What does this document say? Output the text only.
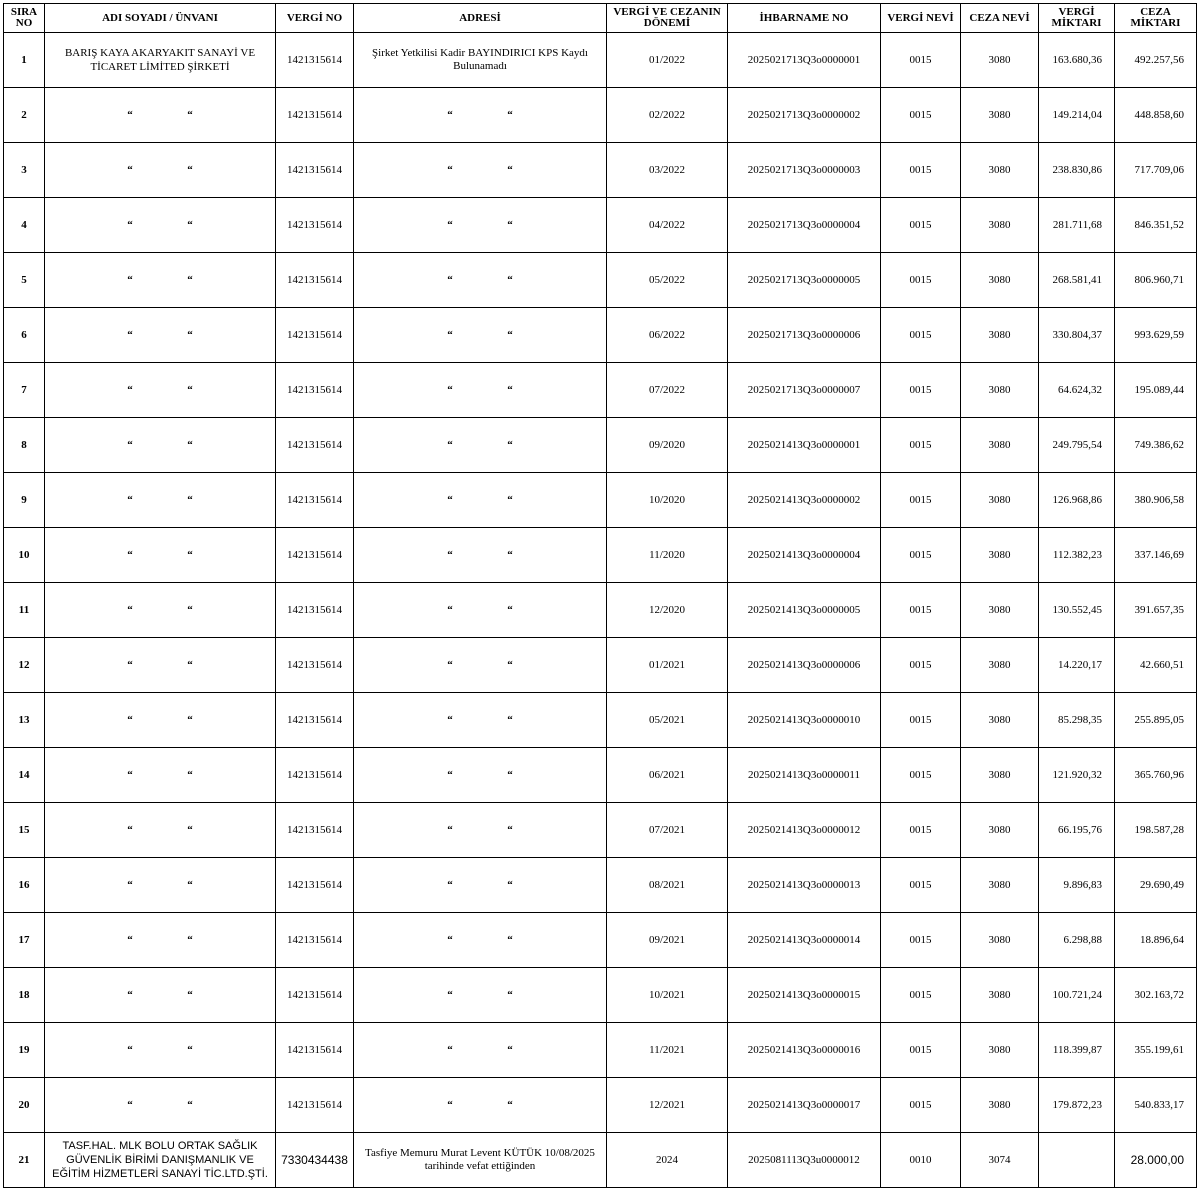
SIRA NO	ADI SOYADI / ÜNVANI	VERGİ NO	ADRESİ	VERGİ VE CEZANIN DÖNEMİ	İHBARNAME NO	VERGİ NEVİ	CEZA NEVİ	VERGİ MİKTARI	CEZA MİKTARI
1	BARIŞ KAYA AKARYAKIT SANAYİ VE TİCARET LİMİTED ŞİRKETİ	1421315614	Şirket Yetkilisi Kadir BAYINDIRICI KPS Kaydı Bulunamadı	01/2022	2025021713Q3o0000001	0015	3080	163.680,36	492.257,56
2	“ “	1421315614	“ “	02/2022	2025021713Q3o0000002	0015	3080	149.214,04	448.858,60
3	“ “	1421315614	“ “	03/2022	2025021713Q3o0000003	0015	3080	238.830,86	717.709,06
4	“ “	1421315614	“ “	04/2022	2025021713Q3o0000004	0015	3080	281.711,68	846.351,52
5	“ “	1421315614	“ “	05/2022	2025021713Q3o0000005	0015	3080	268.581,41	806.960,71
6	“ “	1421315614	“ “	06/2022	2025021713Q3o0000006	0015	3080	330.804,37	993.629,59
7	“ “	1421315614	“ “	07/2022	2025021713Q3o0000007	0015	3080	64.624,32	195.089,44
8	“ “	1421315614	“ “	09/2020	2025021413Q3o0000001	0015	3080	249.795,54	749.386,62
9	“ “	1421315614	“ “	10/2020	2025021413Q3o0000002	0015	3080	126.968,86	380.906,58
10	“ “	1421315614	“ “	11/2020	2025021413Q3o0000004	0015	3080	112.382,23	337.146,69
11	“ “	1421315614	“ “	12/2020	2025021413Q3o0000005	0015	3080	130.552,45	391.657,35
12	“ “	1421315614	“ “	01/2021	2025021413Q3o0000006	0015	3080	14.220,17	42.660,51
13	“ “	1421315614	“ “	05/2021	2025021413Q3o0000010	0015	3080	85.298,35	255.895,05
14	“ “	1421315614	“ “	06/2021	2025021413Q3o0000011	0015	3080	121.920,32	365.760,96
15	“ “	1421315614	“ “	07/2021	2025021413Q3o0000012	0015	3080	66.195,76	198.587,28
16	“ “	1421315614	“ “	08/2021	2025021413Q3o0000013	0015	3080	9.896,83	29.690,49
17	“ “	1421315614	“ “	09/2021	2025021413Q3o0000014	0015	3080	6.298,88	18.896,64
18	“ “	1421315614	“ “	10/2021	2025021413Q3o0000015	0015	3080	100.721,24	302.163,72
19	“ “	1421315614	“ “	11/2021	2025021413Q3o0000016	0015	3080	118.399,87	355.199,61
20	“ “	1421315614	“ “	12/2021	2025021413Q3o0000017	0015	3080	179.872,23	540.833,17
21	TASF.HAL. MLK BOLU ORTAK SAĞLIK GÜVENLİK BİRİMİ DANIŞMANLIK VE EĞİTİM HİZMETLERİ SANAYİ TİC.LTD.ŞTİ.	7330434438	Tasfiye Memuru Murat Levent KÜTÜK 10/08/2025 tarihinde vefat ettiğinden	2024	2025081113Q3u0000012	0010	3074		28.000,00
